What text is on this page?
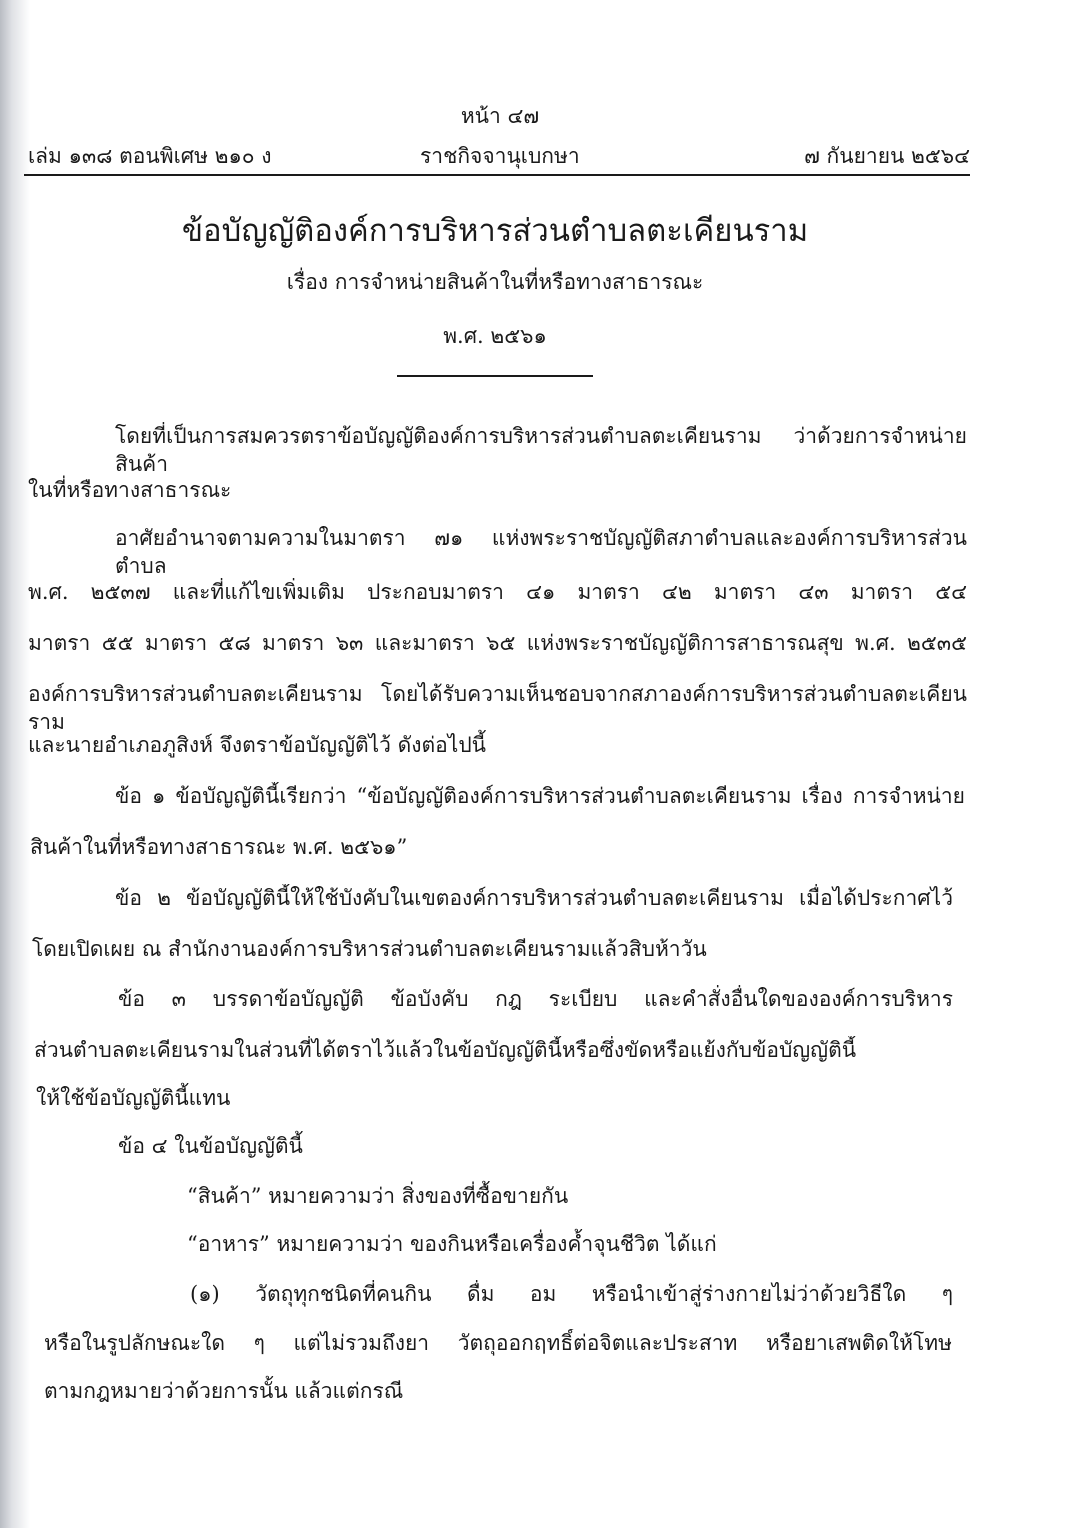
หน้า ๔๗
เล่ม ๑๓๘ ตอนพิเศษ ๒๑๐ ง	ราชกิจจานุเบกษา	๗ กันยายน ๒๕๖๔
ข้อบัญญัติองค์การบริหารส่วนตำบลตะเคียนราม
เรื่อง การจำหน่ายสินค้าในที่หรือทางสาธารณะ
พ.ศ. ๒๕๖๑
โดยที่เป็นการสมควรตราข้อบัญญัติองค์การบริหารส่วนตำบลตะเคียนราม ว่าด้วยการจำหน่ายสินค้า
ในที่หรือทางสาธารณะ
อาศัยอำนาจตามความในมาตรา ๗๑ แห่งพระราชบัญญัติสภาตำบลและองค์การบริหารส่วนตำบล
พ.ศ. ๒๕๓๗ และที่แก้ไขเพิ่มเติม ประกอบมาตรา ๔๑ มาตรา ๔๒ มาตรา ๔๓ มาตรา ๕๔
มาตรา ๕๕ มาตรา ๕๘ มาตรา ๖๓ และมาตรา ๖๕ แห่งพระราชบัญญัติการสาธารณสุข พ.ศ. ๒๕๓๕
องค์การบริหารส่วนตำบลตะเคียนราม โดยได้รับความเห็นชอบจากสภาองค์การบริหารส่วนตำบลตะเคียนราม
และนายอำเภอภูสิงห์ จึงตราข้อบัญญัติไว้ ดังต่อไปนี้
ข้อ ๑ ข้อบัญญัตินี้เรียกว่า “ข้อบัญญัติองค์การบริหารส่วนตำบลตะเคียนราม เรื่อง การจำหน่าย
สินค้าในที่หรือทางสาธารณะ พ.ศ. ๒๕๖๑”
ข้อ ๒ ข้อบัญญัตินี้ให้ใช้บังคับในเขตองค์การบริหารส่วนตำบลตะเคียนราม เมื่อได้ประกาศไว้
โดยเปิดเผย ณ สำนักงานองค์การบริหารส่วนตำบลตะเคียนรามแล้วสิบห้าวัน
ข้อ ๓ บรรดาข้อบัญญัติ ข้อบังคับ กฎ ระเบียบ และคำสั่งอื่นใดขององค์การบริหาร
ส่วนตำบลตะเคียนรามในส่วนที่ได้ตราไว้แล้วในข้อบัญญัตินี้หรือซึ่งขัดหรือแย้งกับข้อบัญญัตินี้
ให้ใช้ข้อบัญญัตินี้แทน
ข้อ ๔ ในข้อบัญญัตินี้
“สินค้า” หมายความว่า สิ่งของที่ซื้อขายกัน
“อาหาร” หมายความว่า ของกินหรือเครื่องค้ำจุนชีวิต ได้แก่
(๑) วัตถุทุกชนิดที่คนกิน ดื่ม อม หรือนำเข้าสู่ร่างกายไม่ว่าด้วยวิธีใด ๆ
หรือในรูปลักษณะใด ๆ แต่ไม่รวมถึงยา วัตถุออกฤทธิ์ต่อจิตและประสาท หรือยาเสพติดให้โทษ
ตามกฎหมายว่าด้วยการนั้น แล้วแต่กรณี
